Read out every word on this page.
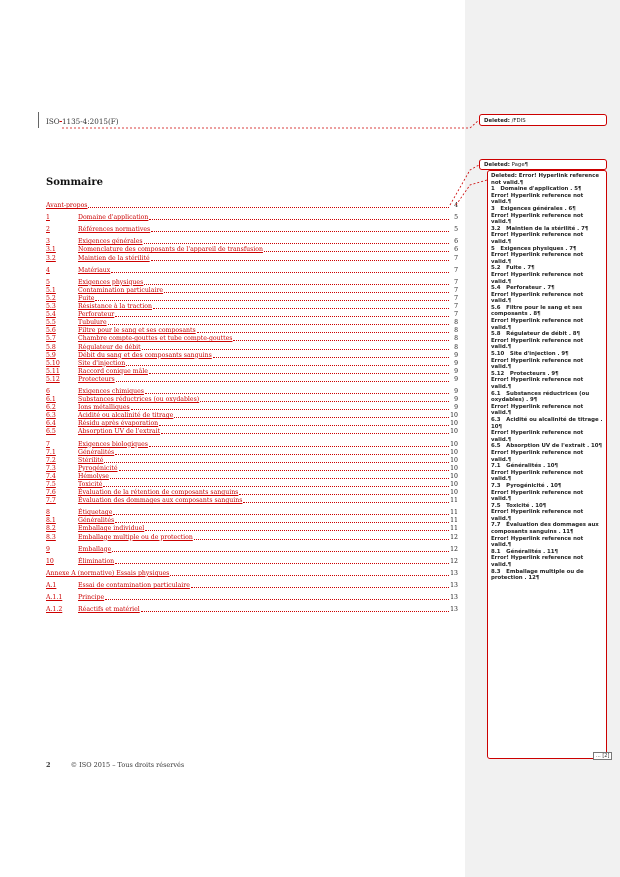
ISO 1135-4:2015(F)
Sommaire
Avant-propos	4
1	Domaine d'application	5
2	Références normatives	5
3	Exigences générales	6
3.1	Nomenclature des composants de l'appareil de transfusion	6
3.2	Maintien de la stérilité	7
4	Matériaux	7
5	Exigences physiques	7
5.1	Contamination particulaire	7
5.2	Fuite	7
5.3	Résistance à la traction	7
5.4	Perforateur	7
5.5	Tubulure	8
5.6	Filtre pour le sang et ses composants	8
5.7	Chambre compte-gouttes et tube compte-gouttes	8
5.8	Régulateur de débit	8
5.9	Débit du sang et des composants sanguins	9
5.10	Site d'injection	9
5.11	Raccord conique mâle	9
5.12	Protecteurs	9
6	Exigences chimiques	9
6.1	Substances réductrices (ou oxydables)	9
6.2	Ions métalliques	9
6.3	Acidité ou alcalinité de titrage	10
6.4	Résidu après évaporation	10
6.5	Absorption UV de l'extrait	10
7	Exigences biologiques	10
7.1	Généralités	10
7.2	Stérilité	10
7.3	Pyrogénicité	10
7.4	Hémolyse	10
7.5	Toxicité	10
7.6	Évaluation de la rétention de composants sanguins	10
7.7	Évaluation des dommages aux composants sanguins	11
8	Étiquetage	11
8.1	Généralités	11
8.2	Emballage individuel	11
8.3	Emballage multiple ou de protection	12
9	Emballage	12
10	Élimination	12
Annexe A (normative) Essais physiques	13
A.1	Essai de contamination particulaire	13
A.1.1	Principe	13
A.1.2	Réactifs et matériel	13
2	© ISO 2015 – Tous droits réservés
Deleted: /FDIS
Deleted: Page¶
Deleted: Error! Hyperlink reference not valid.¶
1   Domaine d'application . 5¶
Error! Hyperlink reference not valid.¶
3   Exigences générales . 6¶
Error! Hyperlink reference not valid.¶
3.2   Maintien de la stérilité . 7¶
Error! Hyperlink reference not valid.¶
5   Exigences physiques . 7¶
Error! Hyperlink reference not valid.¶
5.2   Fuite . 7¶
Error! Hyperlink reference not valid.¶
5.4   Perforateur . 7¶
Error! Hyperlink reference not valid.¶
5.6   Filtre pour le sang et ses composants . 8¶
Error! Hyperlink reference not valid.¶
5.8   Régulateur de débit . 8¶
Error! Hyperlink reference not valid.¶
5.10   Site d'injection . 9¶
Error! Hyperlink reference not valid.¶
5.12   Protecteurs . 9¶
Error! Hyperlink reference not valid.¶
6.1   Substances réductrices (ou oxydables) . 9¶
Error! Hyperlink reference not valid.¶
6.3   Acidité ou alcalinité de titrage . 10¶
Error! Hyperlink reference not valid.¶
6.5   Absorption UV de l'extrait . 10¶
Error! Hyperlink reference not valid.¶
7.1   Généralités . 10¶
Error! Hyperlink reference not valid.¶
7.3   Pyrogénicité . 10¶
Error! Hyperlink reference not valid.¶
7.5   Toxicité . 10¶
Error! Hyperlink reference not valid.¶
7.7   Évaluation des dommages aux composants sanguins . 11¶
Error! Hyperlink reference not valid.¶
8.1   Généralités . 11¶
Error! Hyperlink reference not valid.¶
8.3   Emballage multiple ou de protection . 12¶
... [2]
